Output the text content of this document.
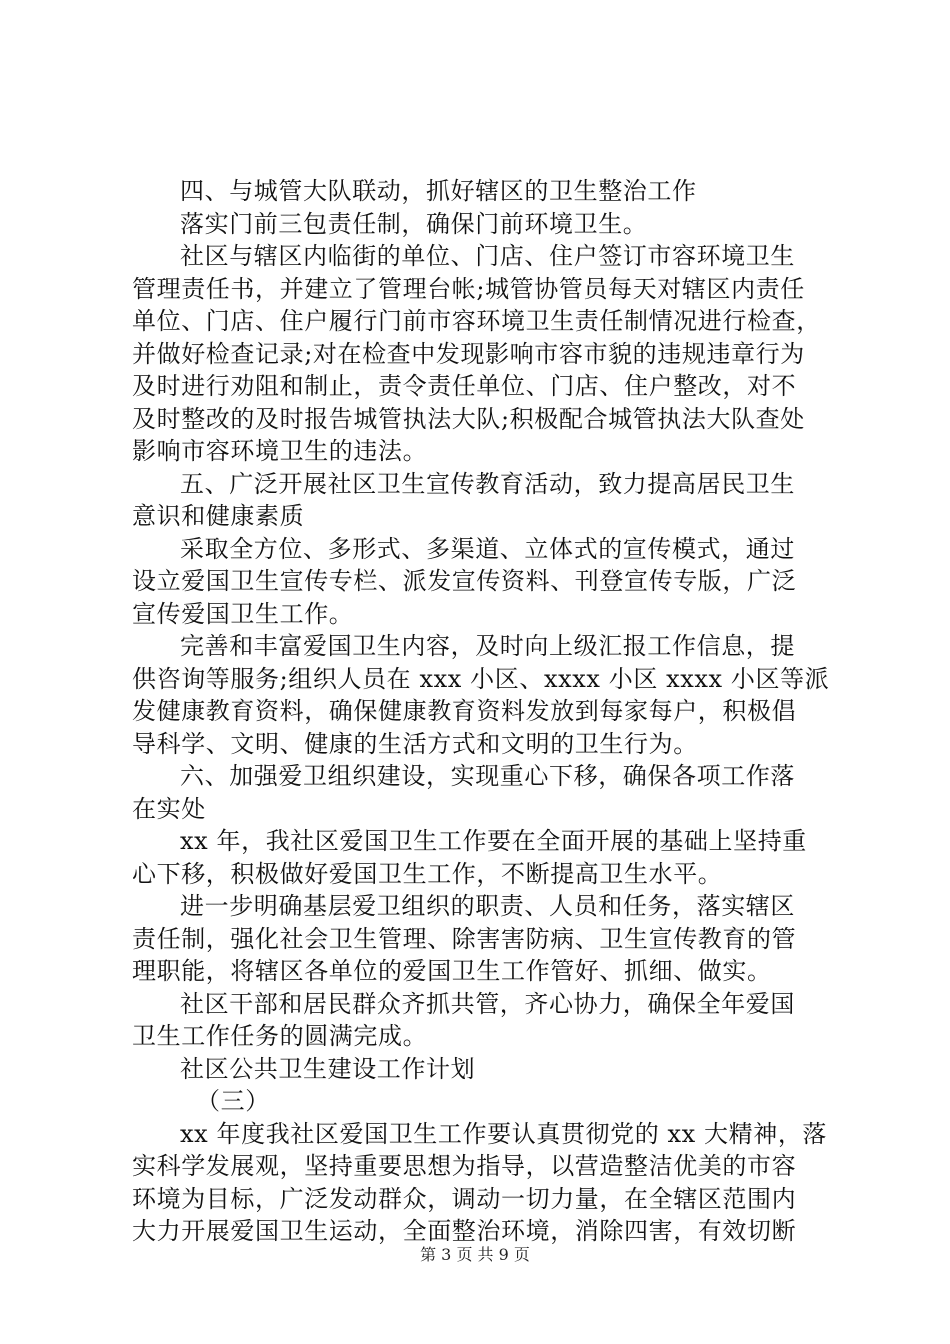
四、与城管大队联动，抓好辖区的卫生整治工作
落实门前三包责任制，确保门前环境卫生。
社区与辖区内临街的单位、门店、住户签订市容环境卫生
管理责任书，并建立了管理台帐;城管协管员每天对辖区内责任
单位、门店、住户履行门前市容环境卫生责任制情况进行检查，
并做好检查记录;对在检查中发现影响市容市貌的违规违章行为
及时进行劝阻和制止，责令责任单位、门店、住户整改，对不
及时整改的及时报告城管执法大队;积极配合城管执法大队查处
影响市容环境卫生的违法。
五、广泛开展社区卫生宣传教育活动，致力提高居民卫生
意识和健康素质
采取全方位、多形式、多渠道、立体式的宣传模式，通过
设立爱国卫生宣传专栏、派发宣传资料、刊登宣传专版，广泛
宣传爱国卫生工作。
完善和丰富爱国卫生内容，及时向上级汇报工作信息，提
供咨询等服务;组织人员在 xxx 小区、xxxx 小区 xxxx 小区等派
发健康教育资料，确保健康教育资料发放到每家每户，积极倡
导科学、文明、健康的生活方式和文明的卫生行为。
六、加强爱卫组织建设，实现重心下移，确保各项工作落
在实处
xx 年，我社区爱国卫生工作要在全面开展的基础上坚持重
心下移，积极做好爱国卫生工作，不断提高卫生水平。
进一步明确基层爱卫组织的职责、人员和任务，落实辖区
责任制，强化社会卫生管理、除害害防病、卫生宣传教育的管
理职能，将辖区各单位的爱国卫生工作管好、抓细、做实。
社区干部和居民群众齐抓共管，齐心协力，确保全年爱国
卫生工作任务的圆满完成。
社区公共卫生建设工作计划
（三）
xx 年度我社区爱国卫生工作要认真贯彻党的 xx 大精神，落
实科学发展观，坚持重要思想为指导，以营造整洁优美的市容
环境为目标，广泛发动群众，调动一切力量，在全辖区范围内
大力开展爱国卫生运动，全面整治环境，消除四害，有效切断
第 3 页 共 9 页
